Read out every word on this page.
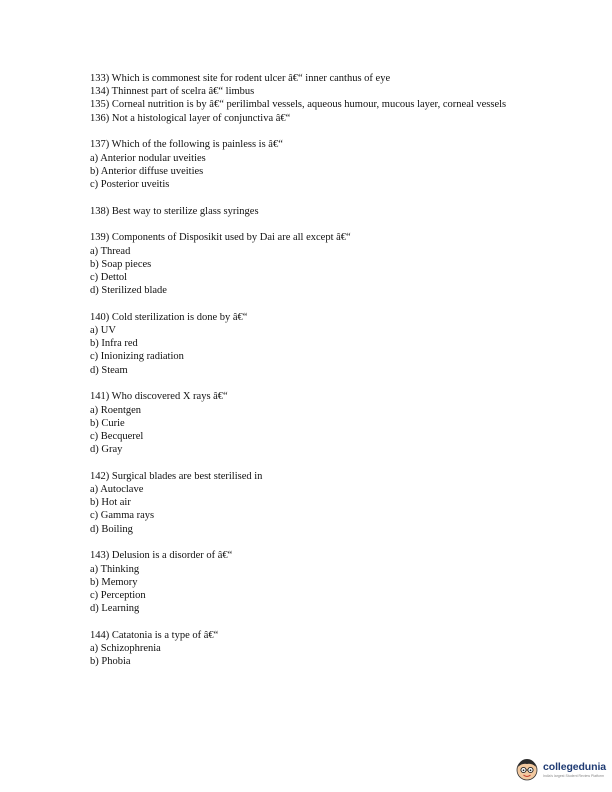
133) Which is commonest site for rodent ulcer â€“ inner canthus of eye
134) Thinnest part of scelra â€“ limbus
135) Corneal nutrition is by â€“ perilimbal vessels, aqueous humour, mucous layer, corneal vessels
136) Not a histological layer of conjunctiva â€“
137) Which of the following is painless is â€“
a) Anterior nodular uveities
b) Anterior diffuse uveities
c) Posterior uveitis
138) Best way to sterilize glass syringes
139) Components of Disposikit used by Dai are all except â€“
a) Thread
b) Soap pieces
c) Dettol
d) Sterilized blade
140) Cold sterilization is done by â€“
a) UV
b) Infra red
c) Inionizing radiation
d) Steam
141) Who discovered X rays â€“
a) Roentgen
b) Curie
c) Becquerel
d) Gray
142) Surgical blades are best sterilised in
a) Autoclave
b) Hot air
c) Gamma rays
d) Boiling
143) Delusion is a disorder of â€“
a) Thinking
b) Memory
c) Perception
d) Learning
144) Catatonia is a type of â€“
a) Schizophrenia
b) Phobia
collegedunia
India's largest Student Review Platform
